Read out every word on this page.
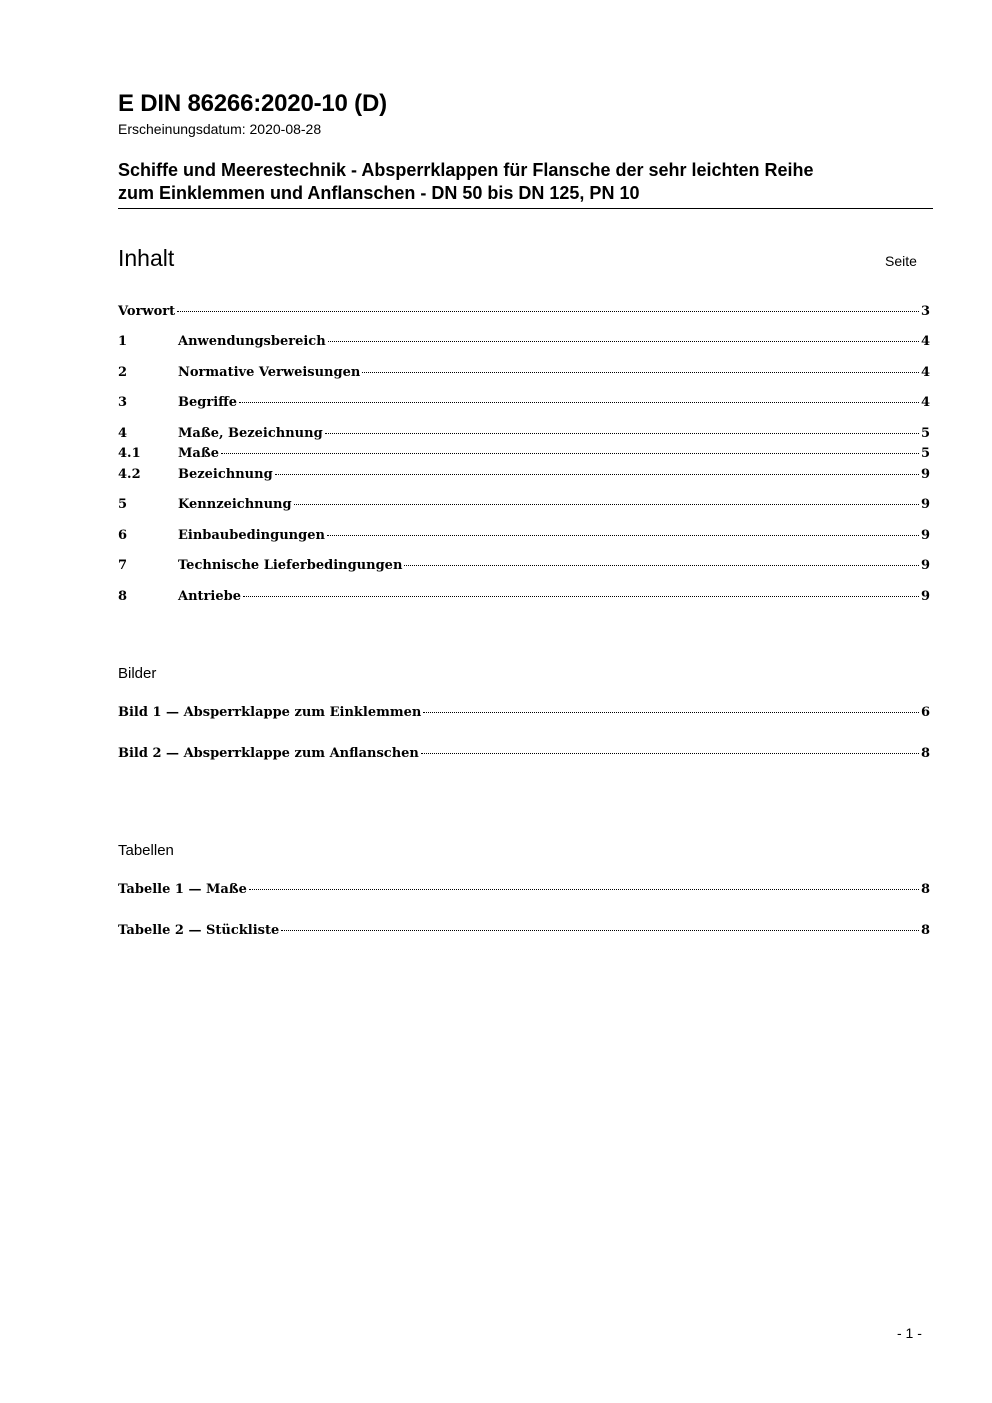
E DIN 86266:2020-10 (D)
Erscheinungsdatum: 2020-08-28
Schiffe und Meerestechnik - Absperrklappen für Flansche der sehr leichten Reihe
zum Einklemmen und Anflanschen - DN 50 bis DN 125, PN 10
Inhalt	Seite
Vorwort	3
1	Anwendungsbereich	4
2	Normative Verweisungen	4
3	Begriffe	4
4	Maße, Bezeichnung	5
4.1	Maße	5
4.2	Bezeichnung	9
5	Kennzeichnung	9
6	Einbaubedingungen	9
7	Technische Lieferbedingungen	9
8	Antriebe	9
Bilder
Bild 1 — Absperrklappe zum Einklemmen	6
Bild 2 — Absperrklappe zum Anflanschen	8
Tabellen
Tabelle 1 — Maße	8
Tabelle 2 — Stückliste	8
- 1 -
